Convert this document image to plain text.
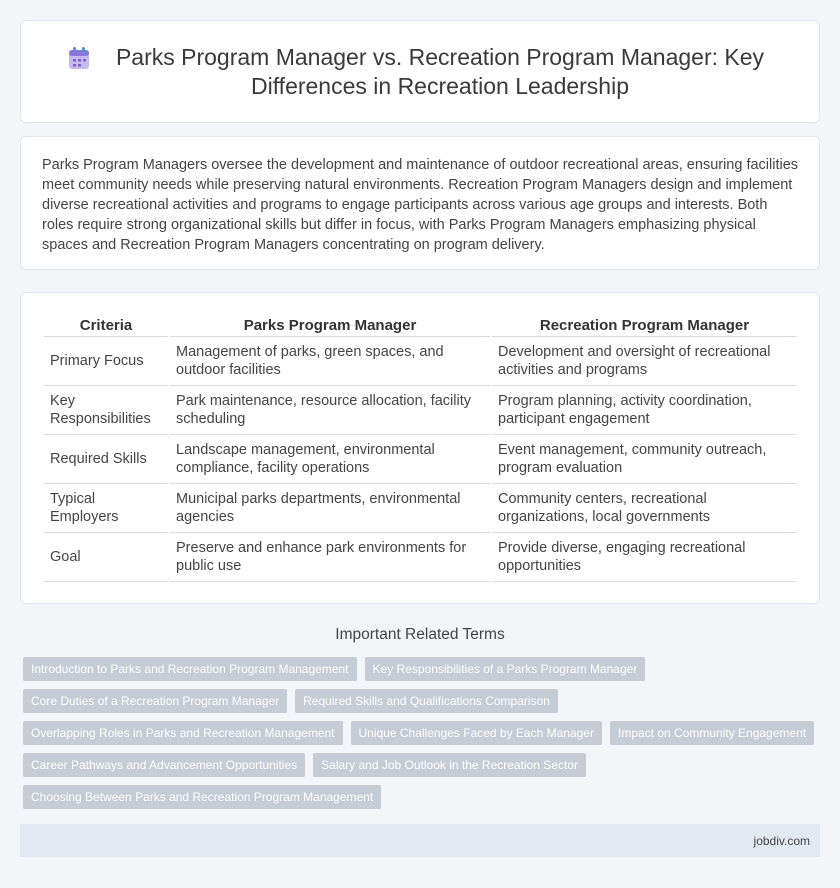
Parks Program Manager vs. Recreation Program Manager: Key Differences in Recreation Leadership

Parks Program Managers oversee the development and maintenance of outdoor recreational areas, ensuring facilities meet community needs while preserving natural environments. Recreation Program Managers design and implement diverse recreational activities and programs to engage participants across various age groups and interests. Both roles require strong organizational skills but differ in focus, with Parks Program Managers emphasizing physical spaces and Recreation Program Managers concentrating on program delivery.

Criteria	Parks Program Manager	Recreation Program Manager
Primary Focus	Management of parks, green spaces, and outdoor facilities	Development and oversight of recreational activities and programs
Key Responsibilities	Park maintenance, resource allocation, facility scheduling	Program planning, activity coordination, participant engagement
Required Skills	Landscape management, environmental compliance, facility operations	Event management, community outreach, program evaluation
Typical Employers	Municipal parks departments, environmental agencies	Community centers, recreational organizations, local governments
Goal	Preserve and enhance park environments for public use	Provide diverse, engaging recreational opportunities
Important Related Terms
Introduction to Parks and Recreation Program Management	Key Responsibilities of a Parks Program Manager
Core Duties of a Recreation Program Manager	Required Skills and Qualifications Comparison
Overlapping Roles in Parks and Recreation Management	Unique Challenges Faced by Each Manager	Impact on Community Engagement
Career Pathways and Advancement Opportunities	Salary and Job Outlook in the Recreation Sector
Choosing Between Parks and Recreation Program Management
jobdiv.com
